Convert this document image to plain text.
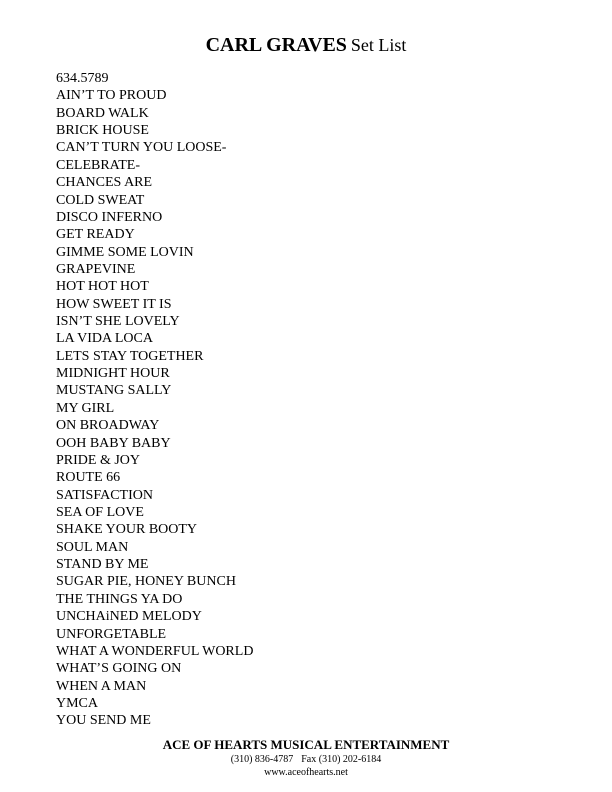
CARL GRAVES Set List
634.5789
AIN’T TO PROUD
BOARD WALK
BRICK HOUSE
CAN’T TURN YOU LOOSE-
CELEBRATE-
CHANCES ARE
COLD SWEAT
DISCO INFERNO
GET READY
GIMME SOME LOVIN
GRAPEVINE
HOT HOT HOT
HOW SWEET IT IS
ISN’T SHE LOVELY
LA VIDA LOCA
LETS STAY TOGETHER
MIDNIGHT HOUR
MUSTANG SALLY
MY GIRL
ON BROADWAY
OOH BABY BABY
PRIDE & JOY
ROUTE 66
SATISFACTION
SEA OF LOVE
SHAKE YOUR BOOTY
SOUL MAN
STAND BY ME
SUGAR PIE, HONEY BUNCH
THE THINGS YA DO
UNCHAiNED MELODY
UNFORGETABLE
WHAT A WONDERFUL WORLD
WHAT’S GOING ON
WHEN A MAN
YMCA
YOU SEND ME
ACE OF HEARTS MUSICAL ENTERTAINMENT
(310) 836-4787 Fax (310) 202-6184
www.aceofhearts.net
